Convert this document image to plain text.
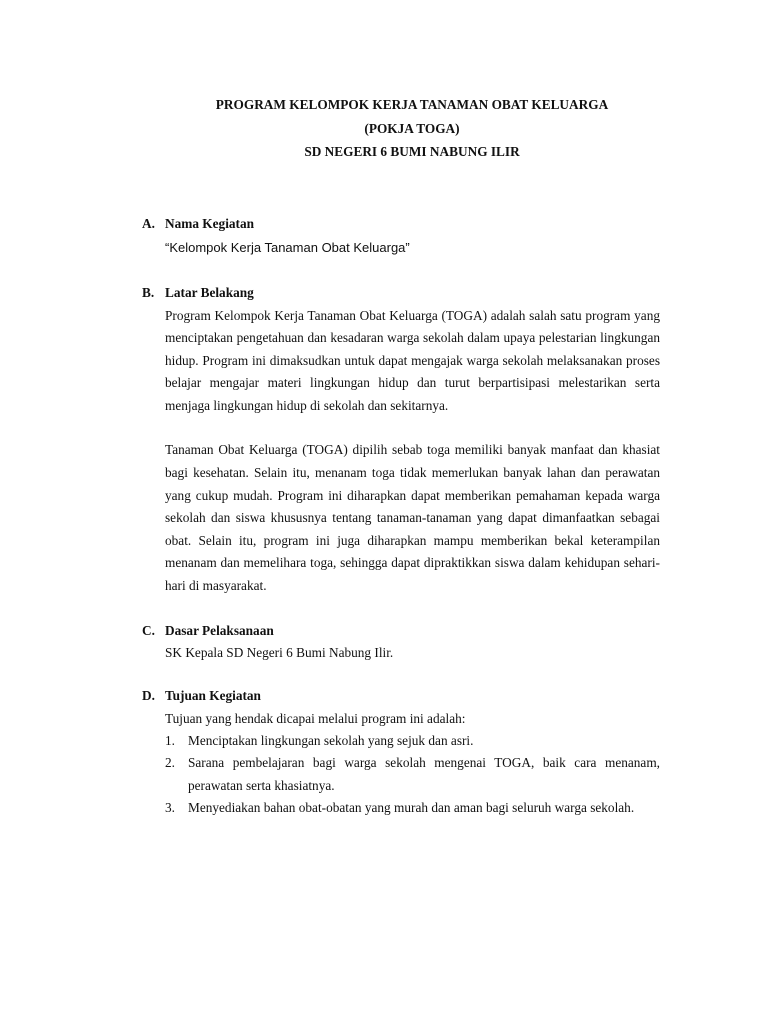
PROGRAM KELOMPOK KERJA TANAMAN OBAT KELUARGA
(POKJA TOGA)
SD NEGERI 6 BUMI NABUNG ILIR
A. Nama Kegiatan
“Kelompok Kerja Tanaman Obat Keluarga”
B. Latar Belakang

Program Kelompok Kerja Tanaman Obat Keluarga (TOGA) adalah salah satu program yang menciptakan pengetahuan dan kesadaran warga sekolah dalam upaya pelestarian lingkungan hidup. Program ini dimaksudkan untuk dapat mengajak warga sekolah melaksanakan proses belajar mengajar materi lingkungan hidup dan turut berpartisipasi melestarikan serta menjaga lingkungan hidup di sekolah dan sekitarnya.

Tanaman Obat Keluarga (TOGA) dipilih sebab toga memiliki banyak manfaat dan khasiat bagi kesehatan. Selain itu, menanam toga tidak memerlukan banyak lahan dan perawatan yang cukup mudah. Program ini diharapkan dapat memberikan pemahaman kepada warga sekolah dan siswa khususnya tentang tanaman-tanaman yang dapat dimanfaatkan sebagai obat. Selain itu, program ini juga diharapkan mampu memberikan bekal keterampilan menanam dan memelihara toga, sehingga dapat dipraktikkan siswa dalam kehidupan sehari-hari di masyarakat.

C. Dasar Pelaksanaan
SK Kepala SD Negeri 6 Bumi Nabung Ilir.
D. Tujuan Kegiatan
Tujuan yang hendak dicapai melalui program ini adalah:
1. Menciptakan lingkungan sekolah yang sejuk dan asri.
2. Sarana pembelajaran bagi warga sekolah mengenai TOGA, baik cara menanam, perawatan serta khasiatnya.
3. Menyediakan bahan obat-obatan yang murah dan aman bagi seluruh warga sekolah.
